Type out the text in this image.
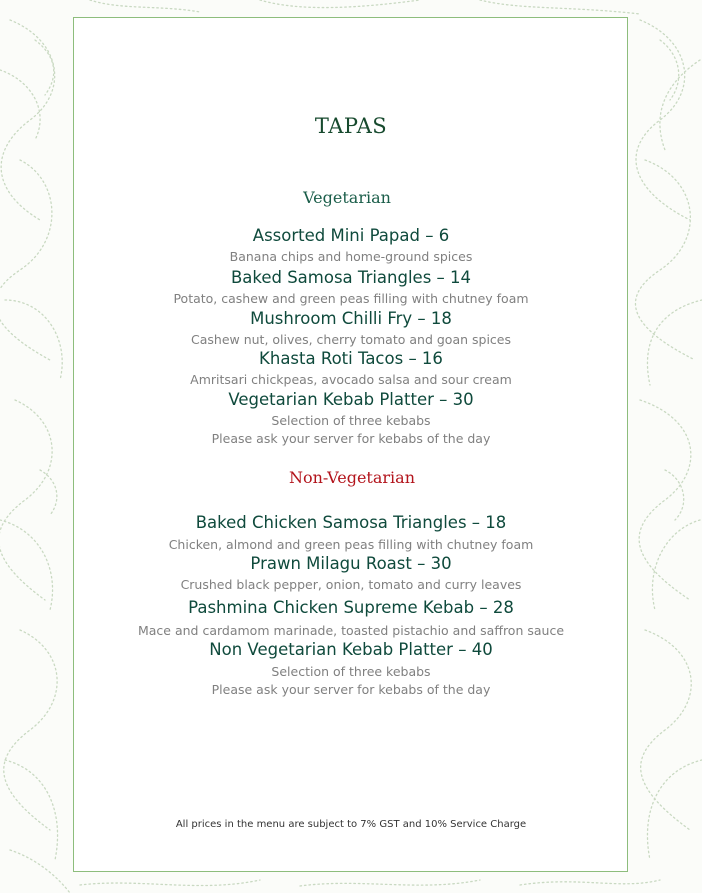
TAPAS
Vegetarian
Assorted Mini Papad – 6
Banana chips and home-ground spices
Baked Samosa Triangles – 14
Potato, cashew and green peas filling with chutney foam
Mushroom Chilli Fry – 18
Cashew nut, olives, cherry tomato and goan spices
Khasta Roti Tacos – 16
Amritsari chickpeas, avocado salsa and sour cream
Vegetarian Kebab Platter – 30
Selection of three kebabs
Please ask your server for kebabs of the day
Non-Vegetarian
Baked Chicken Samosa Triangles – 18
Chicken, almond and green peas filling with chutney foam
Prawn Milagu Roast – 30
Crushed black pepper, onion, tomato and curry leaves
Pashmina Chicken Supreme Kebab – 28
Mace and cardamom marinade, toasted pistachio and saffron sauce
Non Vegetarian Kebab Platter – 40
Selection of three kebabs
Please ask your server for kebabs of the day
All prices in the menu are subject to 7% GST and 10% Service Charge
